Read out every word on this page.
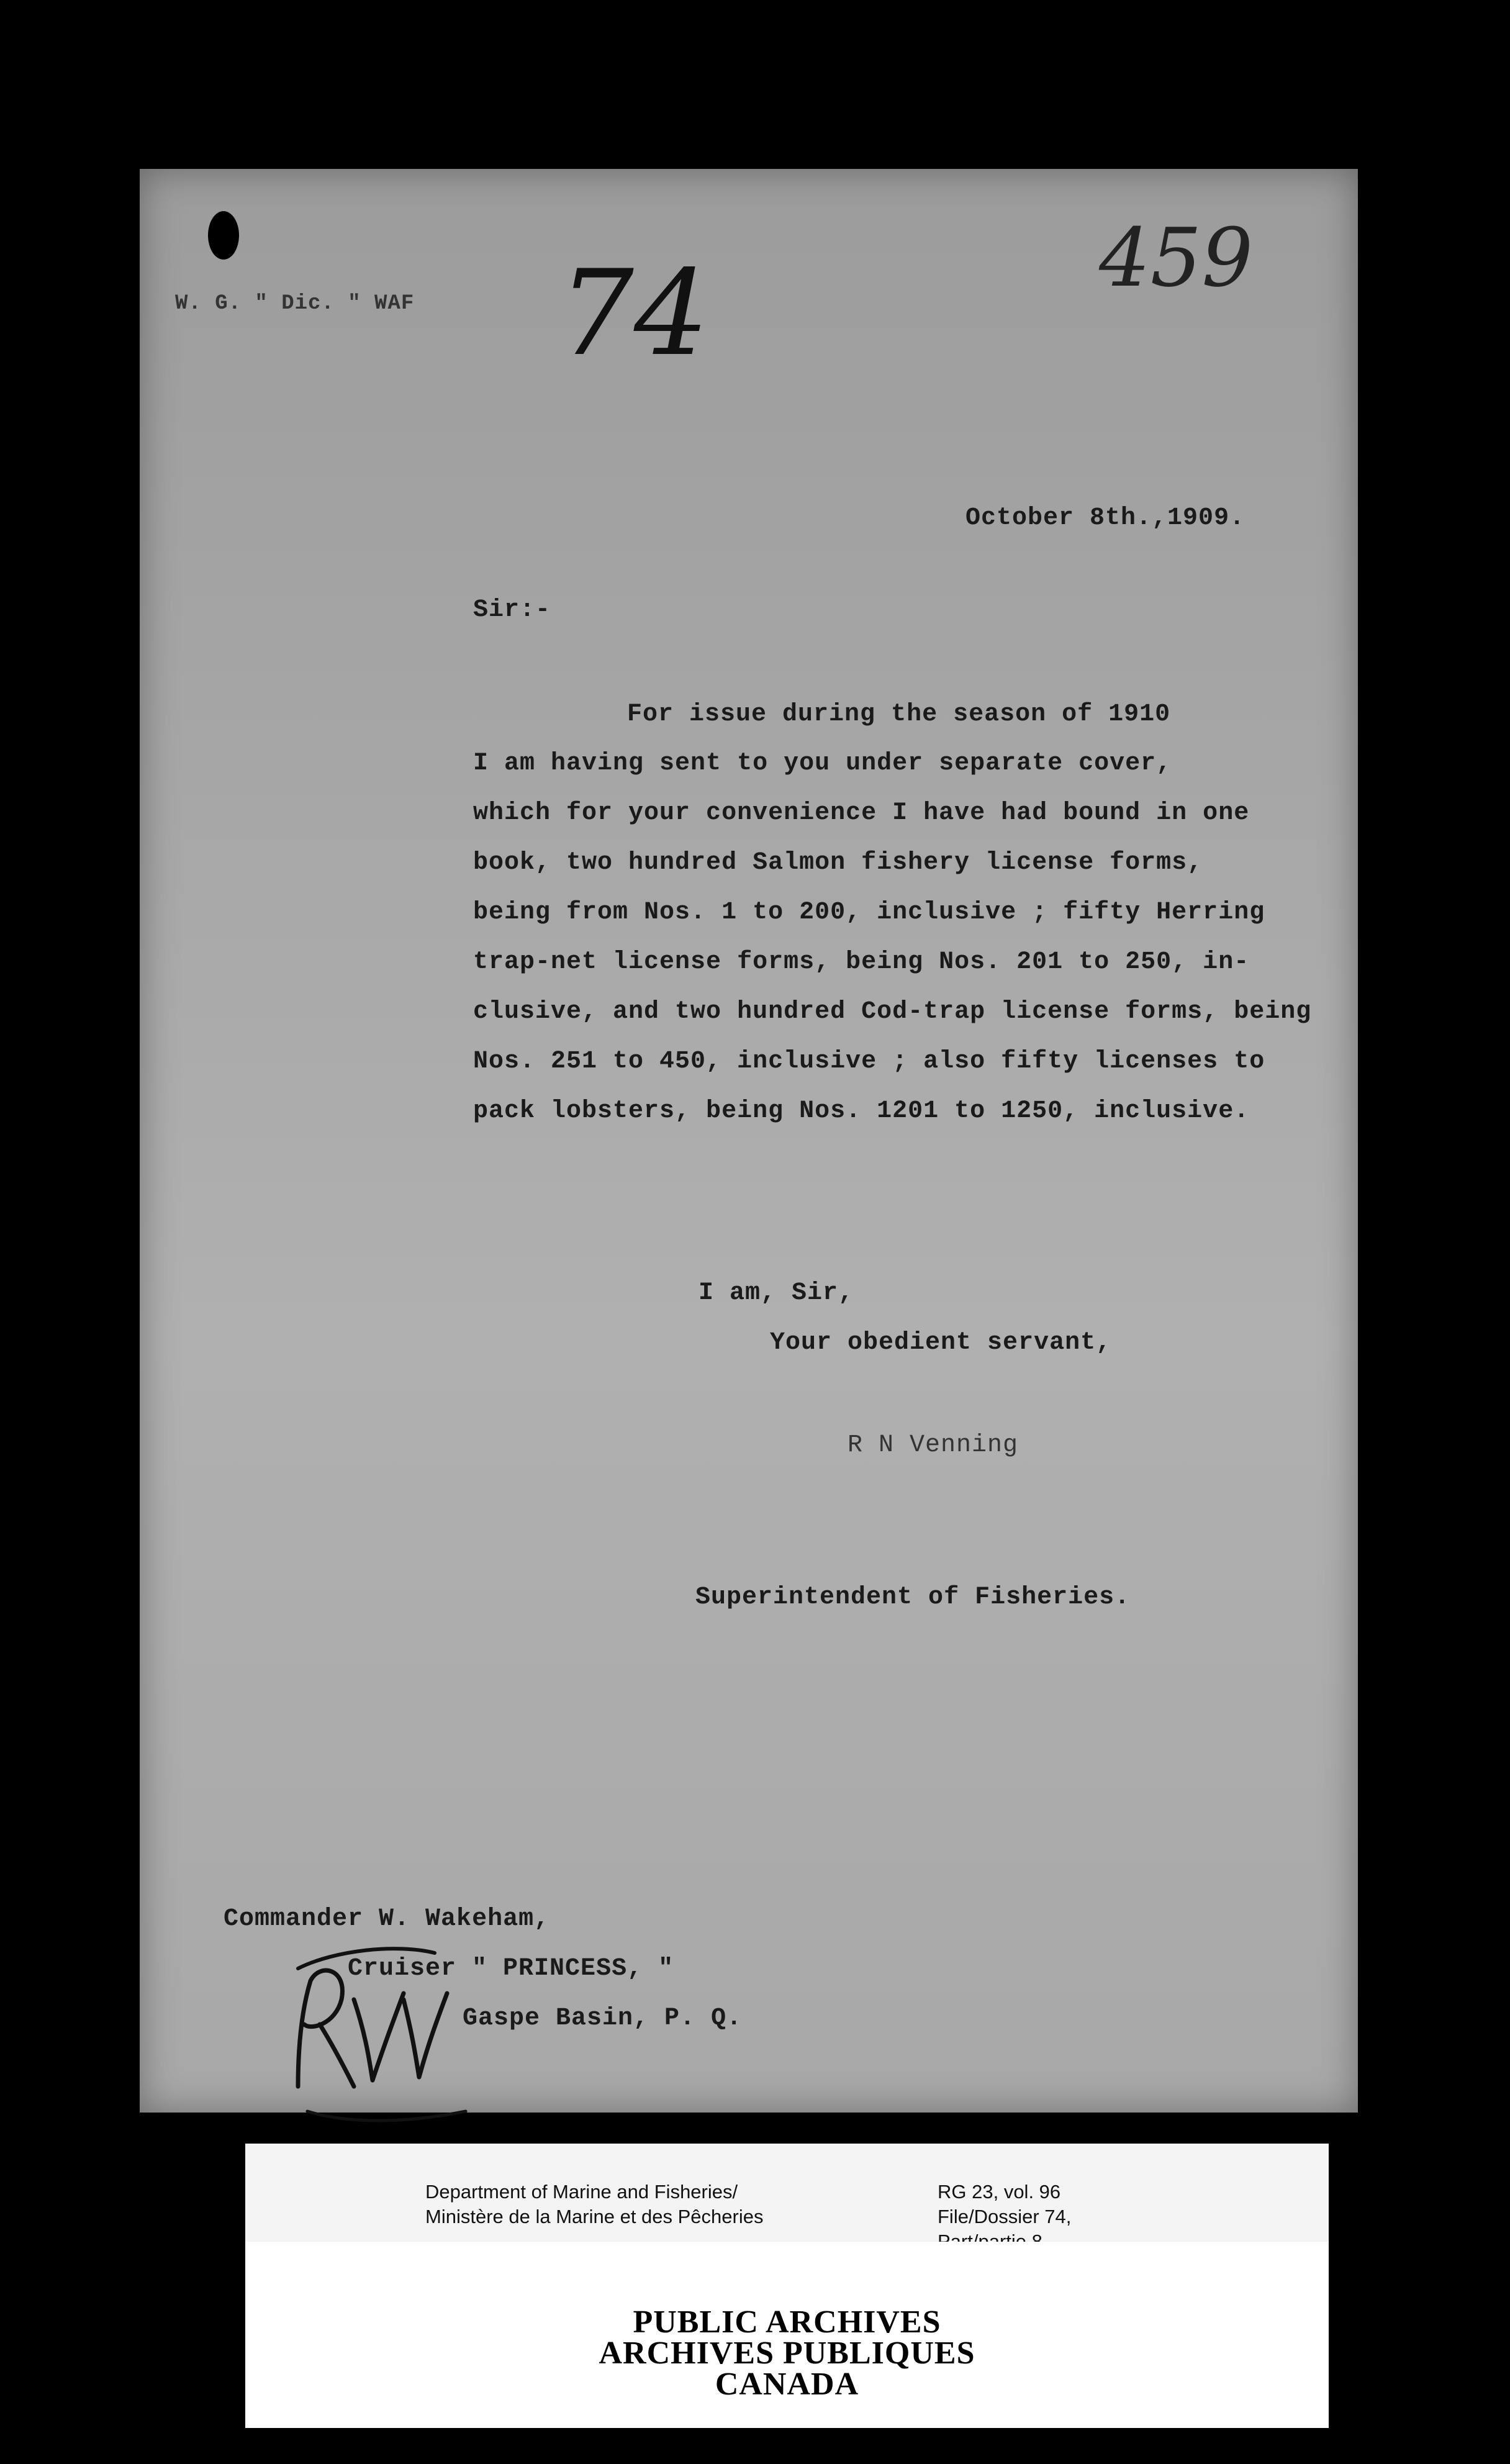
W. G. " Dic. " WAF 74	459
October 8th.,1909.
Sir:-
For issue during the season of 1910
I am having sent to you under separate cover,
which for your convenience I have had bound in one
book, two hundred Salmon fishery license forms,
being from Nos. 1 to 200, inclusive ; fifty Herring
trap-net license forms, being Nos. 201 to 250, in-
clusive, and two hundred Cod-trap license forms, being
Nos. 251 to 450, inclusive ; also fifty licenses to
pack lobsters, being Nos. 1201 to 1250, inclusive.
I am, Sir,
Your obedient servant,
R N Venning
Superintendent of Fisheries.
Commander W. Wakeham,
Cruiser " PRINCESS, "
Gaspe Basin, P. Q.
Department of Marine and Fisheries/
Ministère de la Marine et des Pêcheries
RG 23, vol. 96
File/Dossier 74,
PUBLIC ARCHIVES
ARCHIVES PUBLIQUES
CANADA
